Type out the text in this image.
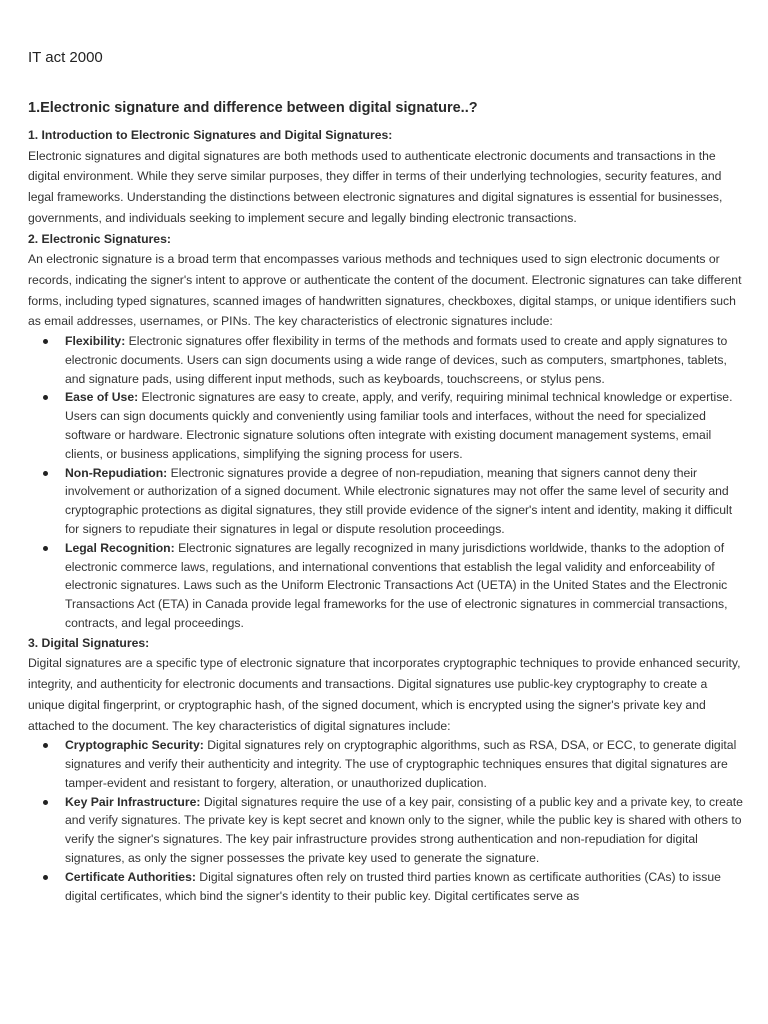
IT act 2000
1.Electronic signature and difference between digital signature..?

1. Introduction to Electronic Signatures and Digital Signatures:

Electronic signatures and digital signatures are both methods used to authenticate electronic documents and transactions in the digital environment. While they serve similar purposes, they differ in terms of their underlying technologies, security features, and legal frameworks. Understanding the distinctions between electronic signatures and digital signatures is essential for businesses, governments, and individuals seeking to implement secure and legally binding electronic transactions.

2. Electronic Signatures:

An electronic signature is a broad term that encompasses various methods and techniques used to sign electronic documents or records, indicating the signer's intent to approve or authenticate the content of the document. Electronic signatures can take different forms, including typed signatures, scanned images of handwritten signatures, checkboxes, digital stamps, or unique identifiers such as email addresses, usernames, or PINs. The key characteristics of electronic signatures include:

Flexibility: Electronic signatures offer flexibility in terms of the methods and formats used to create and apply signatures to electronic documents. Users can sign documents using a wide range of devices, such as computers, smartphones, tablets, and signature pads, using different input methods, such as keyboards, touchscreens, or stylus pens.
Ease of Use: Electronic signatures are easy to create, apply, and verify, requiring minimal technical knowledge or expertise. Users can sign documents quickly and conveniently using familiar tools and interfaces, without the need for specialized software or hardware. Electronic signature solutions often integrate with existing document management systems, email clients, or business applications, simplifying the signing process for users.
Non-Repudiation: Electronic signatures provide a degree of non-repudiation, meaning that signers cannot deny their involvement or authorization of a signed document. While electronic signatures may not offer the same level of security and cryptographic protections as digital signatures, they still provide evidence of the signer's intent and identity, making it difficult for signers to repudiate their signatures in legal or dispute resolution proceedings.
Legal Recognition: Electronic signatures are legally recognized in many jurisdictions worldwide, thanks to the adoption of electronic commerce laws, regulations, and international conventions that establish the legal validity and enforceability of electronic signatures. Laws such as the Uniform Electronic Transactions Act (UETA) in the United States and the Electronic Transactions Act (ETA) in Canada provide legal frameworks for the use of electronic signatures in commercial transactions, contracts, and legal proceedings.

3. Digital Signatures:

Digital signatures are a specific type of electronic signature that incorporates cryptographic techniques to provide enhanced security, integrity, and authenticity for electronic documents and transactions. Digital signatures use public-key cryptography to create a unique digital fingerprint, or cryptographic hash, of the signed document, which is encrypted using the signer's private key and attached to the document. The key characteristics of digital signatures include:

Cryptographic Security: Digital signatures rely on cryptographic algorithms, such as RSA, DSA, or ECC, to generate digital signatures and verify their authenticity and integrity. The use of cryptographic techniques ensures that digital signatures are tamper-evident and resistant to forgery, alteration, or unauthorized duplication.
Key Pair Infrastructure: Digital signatures require the use of a key pair, consisting of a public key and a private key, to create and verify signatures. The private key is kept secret and known only to the signer, while the public key is shared with others to verify the signer's signatures. The key pair infrastructure provides strong authentication and non-repudiation for digital signatures, as only the signer possesses the private key used to generate the signature.
Certificate Authorities: Digital signatures often rely on trusted third parties known as certificate authorities (CAs) to issue digital certificates, which bind the signer's identity to their public key. Digital certificates serve as
